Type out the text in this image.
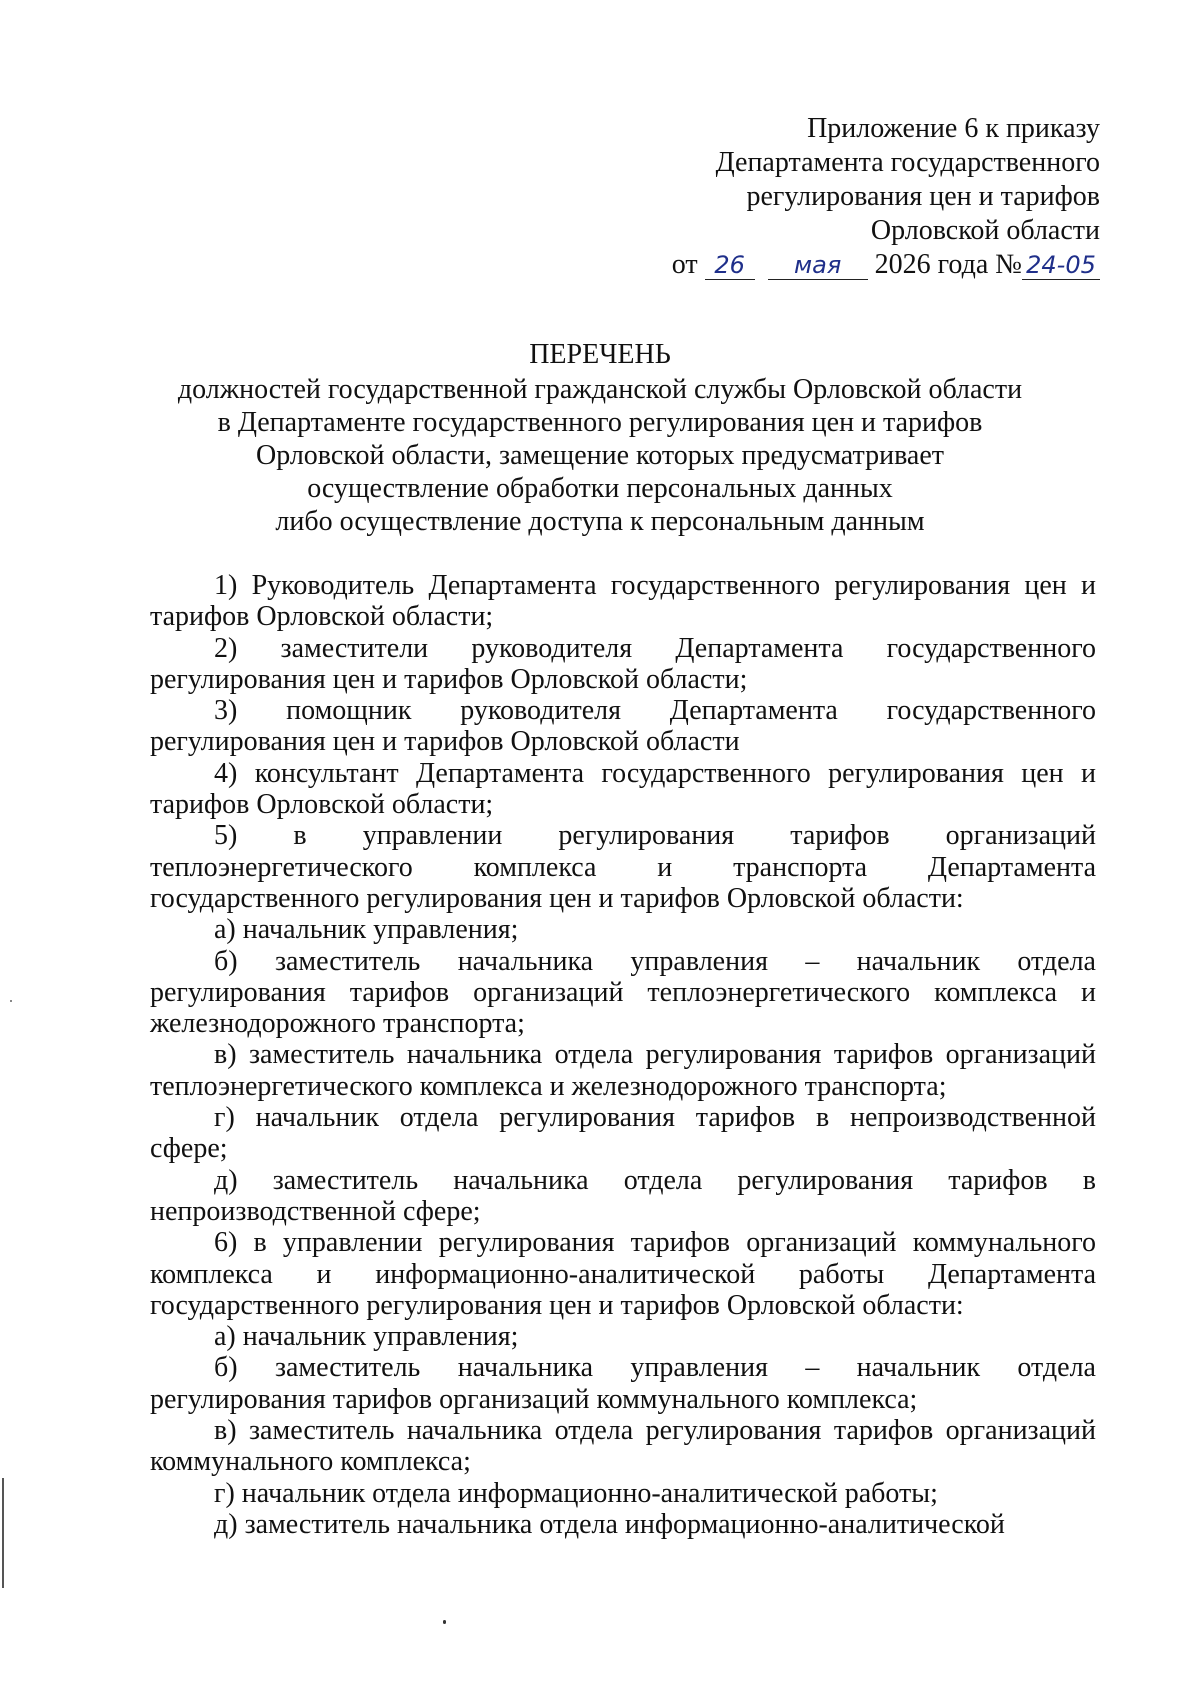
Приложение 6 к приказу
Департамента государственного
регулирования цен и тарифов
Орловской области
от 26 мая 2026 года № 24-05
ПЕРЕЧЕНЬ
должностей государственной гражданской службы Орловской области
в Департаменте государственного регулирования цен и тарифов
Орловской области, замещение которых предусматривает
осуществление обработки персональных данных
либо осуществление доступа к персональным данным

1) Руководитель Департамента государственного регулирования цен и тарифов Орловской области;

2) заместители руководителя Департамента государственного регулирования цен и тарифов Орловской области;

3) помощник руководителя Департамента государственного регулирования цен и тарифов Орловской области

4) консультант Департамента государственного регулирования цен и тарифов Орловской области;

5) в управлении регулирования тарифов организаций теплоэнергетического комплекса и транспорта Департамента государственного регулирования цен и тарифов Орловской области:

а) начальник управления;

б) заместитель начальника управления – начальник отдела регулирования тарифов организаций теплоэнергетического комплекса и железнодорожного транспорта;

в) заместитель начальника отдела регулирования тарифов организаций теплоэнергетического комплекса и железнодорожного транспорта;

г) начальник отдела регулирования тарифов в непроизводственной сфере;

д) заместитель начальника отдела регулирования тарифов в непроизводственной сфере;

6) в управлении регулирования тарифов организаций коммунального комплекса и информационно-аналитической работы Департамента государственного регулирования цен и тарифов Орловской области:

а) начальник управления;

б) заместитель начальника управления – начальник отдела регулирования тарифов организаций коммунального комплекса;

в) заместитель начальника отдела регулирования тарифов организаций коммунального комплекса;

г) начальник отдела информационно-аналитической работы;

д) заместитель начальника отдела информационно-аналитической
